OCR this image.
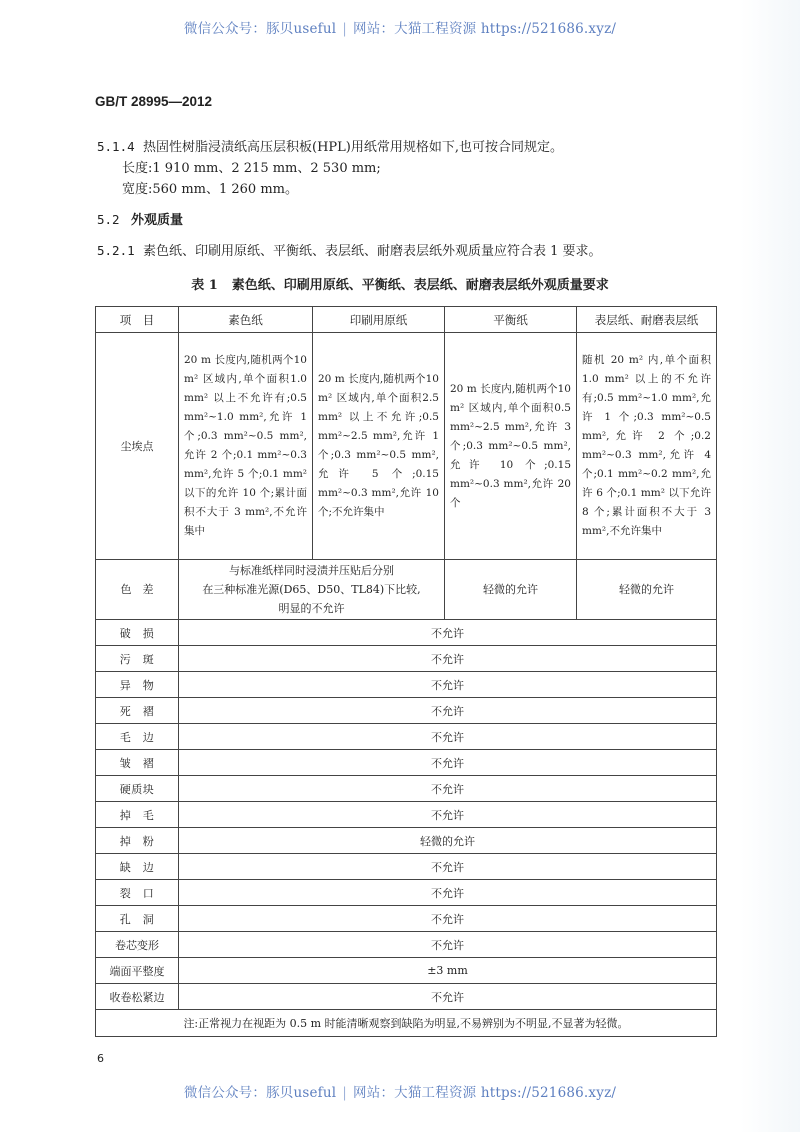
微信公众号：豚贝useful | 网站：大猫工程资源 https://521686.xyz/
GB/T 28995—2012
5.1.4 热固性树脂浸渍纸高压层积板(HPL)用纸常用规格如下,也可按合同规定。
长度:1 910 mm、2 215 mm、2 530 mm;
宽度:560 mm、1 260 mm。
5.2 外观质量
5.2.1 素色纸、印刷用原纸、平衡纸、表层纸、耐磨表层纸外观质量应符合表 1 要求。
表 1 素色纸、印刷用原纸、平衡纸、表层纸、耐磨表层纸外观质量要求
项　目	素色纸	印刷用原纸	平衡纸	表层纸、耐磨表层纸
尘埃点	20 m 长度内,随机两个10 m² 区域内,单个面积1.0 mm² 以上不允许有;0.5 mm²~1.0 mm²,允许 1 个;0.3 mm²~0.5 mm²,允许 2 个;0.1 mm²~0.3 mm²,允许 5 个;0.1 mm² 以下的允许 10 个;累计面积不大于 3 mm²,不允许集中	20 m 长度内,随机两个10 m² 区域内,单个面积2.5 mm² 以上不允许;0.5 mm²~2.5 mm²,允许 1 个;0.3 mm²~0.5 mm²,允许 5 个;0.15 mm²~0.3 mm²,允许 10 个;不允许集中	20 m 长度内,随机两个10 m² 区域内,单个面积0.5 mm²~2.5 mm²,允许 3 个;0.3 mm²~0.5 mm²,允许 10 个;0.15 mm²~0.3 mm²,允许 20 个	随机 20 m² 内,单个面积1.0 mm² 以上的不允许有;0.5 mm²~1.0 mm²,允许 1 个;0.3 mm²~0.5 mm²,允许 2 个;0.2 mm²~0.3 mm²,允许 4 个;0.1 mm²~0.2 mm²,允许 6 个;0.1 mm² 以下允许 8 个;累计面积不大于 3 mm²,不允许集中
色　差	与标准纸样同时浸渍并压贴后分别
在三种标准光源(D65、D50、TL84)下比较,
明显的不允许		轻微的允许	轻微的允许
破　损	不允许			
污　斑	不允许			
异　物	不允许			
死　褶	不允许			
毛　边	不允许			
皱　褶	不允许			
硬质块	不允许			
掉　毛	不允许			
掉　粉	轻微的允许			
缺　边	不允许			
裂　口	不允许			
孔　洞	不允许			
卷芯变形	不允许			
端面平整度	±3 mm			
收卷松紧边	不允许			
注:正常视力在视距为 0.5 m 时能清晰观察到缺陷为明显,不易辨别为不明显,不显著为轻微。				
6
微信公众号：豚贝useful | 网站：大猫工程资源 https://521686.xyz/
